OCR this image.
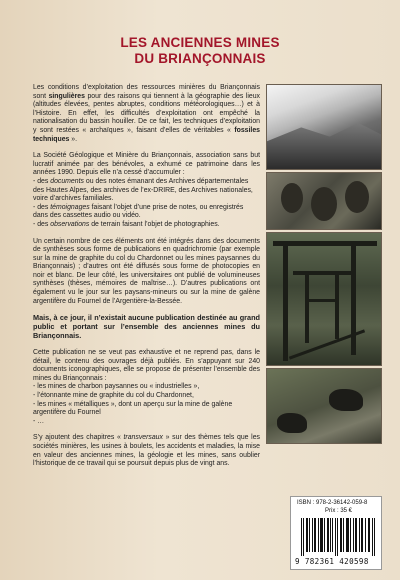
LES ANCIENNES MINES
DU BRIANÇONNAIS

Les conditions d’exploitation des ressources minières du Briançonnais sont singulières pour des raisons qui tiennent à la géographie des lieux (altitudes élevées, pentes abruptes, conditions météorologiques…) et à l’Histoire. En effet, les difficultés d’exploitation ont empêché la nationalisation du bassin houiller. De ce fait, les techniques d’exploitation y sont restées « archaïques », faisant d’elles de véritables « fossiles techniques ».

La Société Géologique et Minière du Briançonnais, association sans but lucratif animée par des bénévoles, a exhumé ce patrimoine dans les années 1990. Depuis elle n’a cessé d’accumuler :
- des documents ou des notes émanant des Archives départementales des Hautes Alpes, des archives de l’ex-DRIRE, des Archives nationales, voire d’archives familiales.
- des témoignages faisant l’objet d’une prise de notes, ou enregistrés dans des cassettes audio ou vidéo.
- des observations de terrain faisant l’objet de photographies.

Un certain nombre de ces éléments ont été intégrés dans des documents de synthèses sous forme de publications en quadrichromie (par exemple sur la mine de graphite du col du Chardonnet ou les mines paysannes du Briançonnais) ; d’autres ont été diffusés sous forme de photocopies en noir et blanc. De leur côté, les universitaires ont publié de volumineuses synthèses (thèses, mémoires de maîtrise…). D’autres publications ont également vu le jour sur les paysans-mineurs ou sur la mine de galène argentifère du Fournel de l’Argentière-la-Bessée.

Mais, à ce jour, il n’existait aucune publication destinée au grand public et portant sur l’ensemble des anciennes mines du Briançonnais.

Cette publication ne se veut pas exhaustive et ne reprend pas, dans le détail, le contenu des ouvrages déjà publiés. En s’appuyant sur 240 documents iconographiques, elle se propose de présenter l’ensemble des mines du Briançonnais :
- les mines de charbon paysannes ou « industrielles »,
- l’étonnante mine de graphite du col du Chardonnet,
- les mines « métalliques », dont un aperçu sur la mine de galène argentifère du Fournel
- …

S’y ajoutent des chapitres « transversaux » sur des thèmes tels que les sociétés minières, les usines à boulets, les accidents et maladies, la mise en valeur des anciennes mines, la géologie et les mines, sans oublier l’historique de ce travail qui se poursuit depuis plus de vingt ans.

ISBN : 978-2-36142-059-8
Prix : 35 €
9 782361 420598
